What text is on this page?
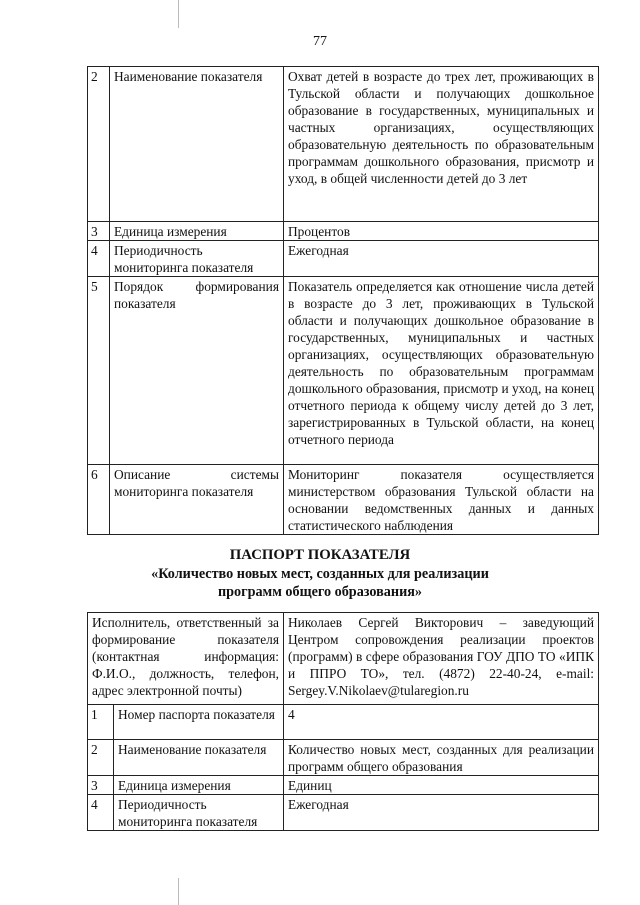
77
2	Наименование показателя	Охват детей в возрасте до трех лет, проживающих в Тульской области и получающих дошкольное образование в государственных, муниципальных и частных организациях, осуществляющих образовательную деятельность по образовательным программам дошкольного образования, присмотр и уход, в общей численности детей до 3 лет
3	Единица измерения	Процентов
4	Периодичность мониторинга показателя	Ежегодная
5	Порядок формирования показателя	Показатель определяется как отношение числа детей в возрасте до 3 лет, проживающих в Тульской области и получающих дошкольное образование в государственных, муниципальных и частных организациях, осуществляющих образовательную деятельность по образовательным программам дошкольного образования, присмотр и уход, на конец отчетного периода к общему числу детей до 3 лет, зарегистрированных в Тульской области, на конец отчетного периода
6	Описание системы мониторинга показателя	Мониторинг показателя осуществляется министерством образования Тульской области на основании ведомственных данных и данных статистического наблюдения
ПАСПОРТ ПОКАЗАТЕЛЯ
«Количество новых мест, созданных для реализации
программ общего образования»
Исполнитель, ответственный за формирование показателя (контактная информация: Ф.И.О., должность, телефон, адрес электронной почты)		Николаев Сергей Викторович – заведующий Центром сопровождения реализации проектов (программ) в сфере образования ГОУ ДПО ТО «ИПК и ППРО ТО», тел. (4872) 22-40-24, e-mail: Sergey.V.Nikolaev@tularegion.ru
1	Номер паспорта показателя	4
2	Наименование показателя	Количество новых мест, созданных для реализации программ общего образования
3	Единица измерения	Единиц
4	Периодичность мониторинга показателя	Ежегодная
